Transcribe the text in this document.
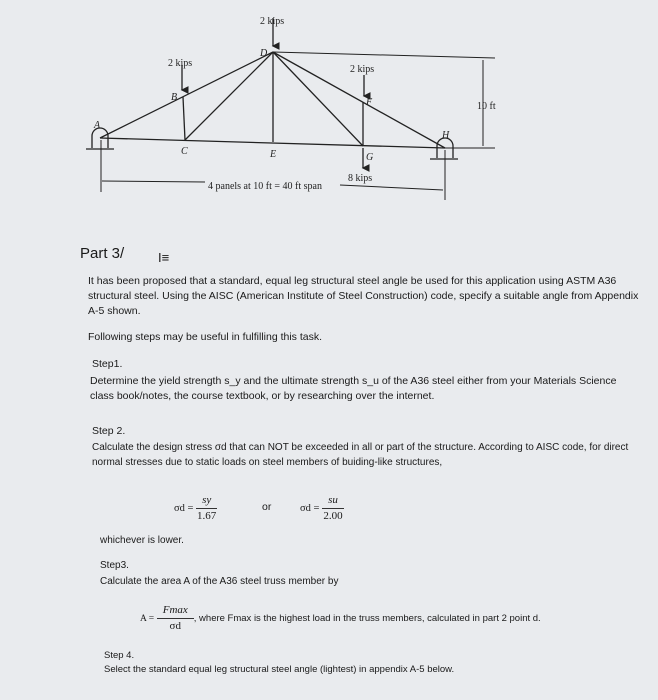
2 kips
2 kips
2 kips
8 kips
10 ft
4 panels at 10 ft = 40 ft span
A
B
C
D
E
F
G
H
Part 3/	I≡
It has been proposed that a standard, equal leg structural steel angle be used for this application using ASTM A36 structural steel. Using the AISC (American Institute of Steel Construction) code, specify a suitable angle from Appendix A-5 shown.
Following steps may be useful in fulfilling this task.
Step1.
Determine the yield strength s_y and the ultimate strength s_u of the A36 steel either from your Materials Science class book/notes, the course textbook, or by researching over the internet.
Step 2.
Calculate the design stress σd that can NOT be exceeded in all or part of the structure. According to AISC code, for direct normal stresses due to static loads on steel members of buiding-like structures,
$\sigma d = \frac{sy}{1.67}$	or	$\sigma d = \frac{su}{2.00}$
whichever is lower.
Step3.
Calculate the area A of the A36 steel truss member by
$A = \frac{Fmax}{\sigma d}$ , where Fmax is the highest load in the truss members, calculated in part 2 point d.
Step 4.
Select the standard equal leg structural steel angle (lightest) in appendix A-5 below.
